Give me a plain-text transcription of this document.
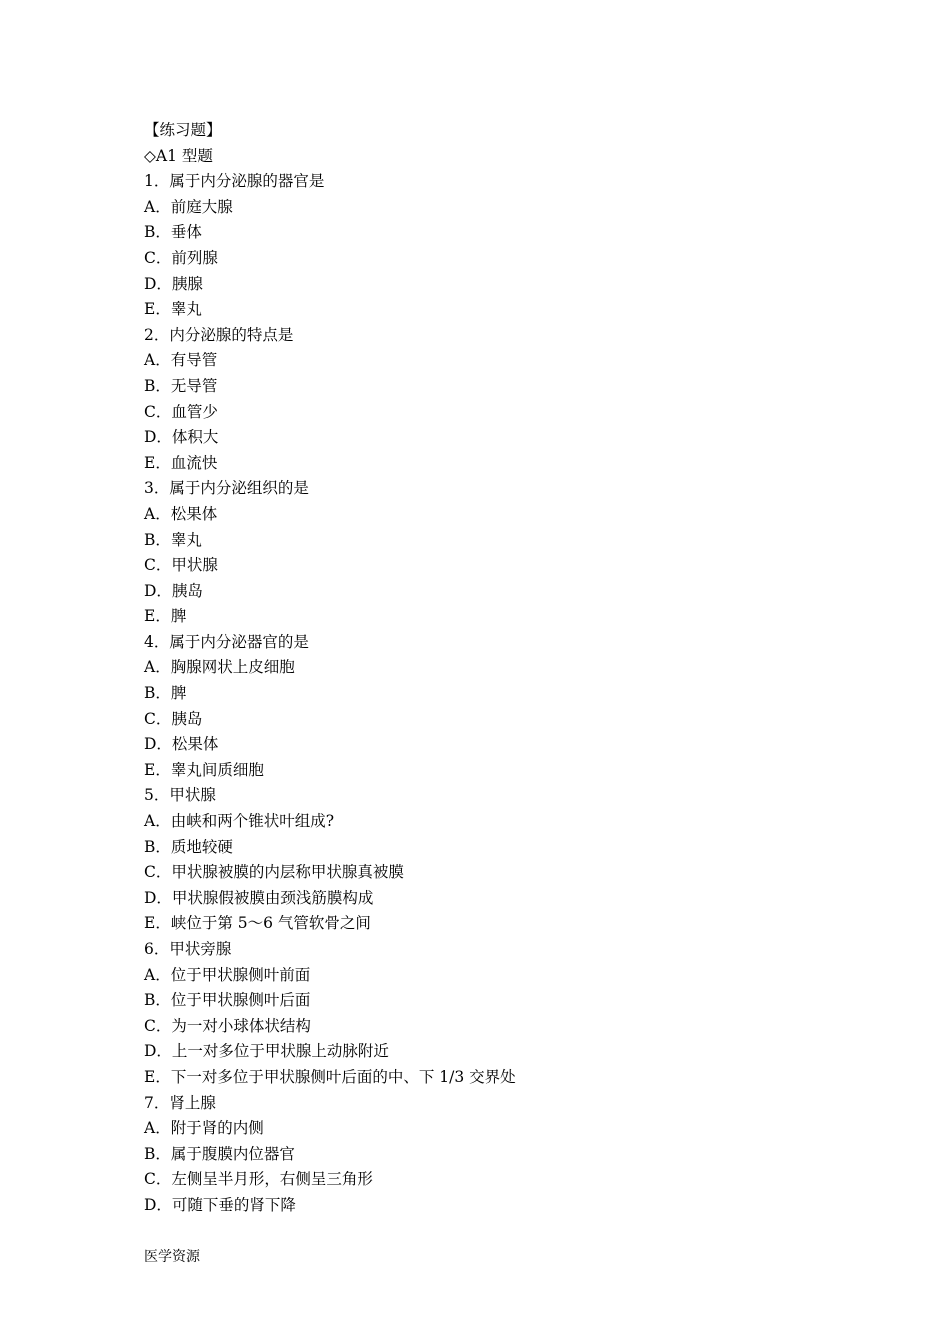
【练习题】
◇A1 型题
1．属于内分泌腺的器官是
A．前庭大腺
B．垂体
C．前列腺
D．胰腺
E．睾丸
2．内分泌腺的特点是
A．有导管
B．无导管
C．血管少
D．体积大
E．血流快
3．属于内分泌组织的是
A．松果体
B．睾丸
C．甲状腺
D．胰岛
E．脾
4．属于内分泌器官的是
A．胸腺网状上皮细胞
B．脾
C．胰岛
D．松果体
E．睾丸间质细胞
5．甲状腺
A．由峡和两个锥状叶组成?
B．质地较硬
C．甲状腺被膜的内层称甲状腺真被膜
D．甲状腺假被膜由颈浅筋膜构成
E．峡位于第 5～6 气管软骨之间
6．甲状旁腺
A．位于甲状腺侧叶前面
B．位于甲状腺侧叶后面
C．为一对小球体状结构
D．上一对多位于甲状腺上动脉附近
E．下一对多位于甲状腺侧叶后面的中、下 1/3 交界处
7．肾上腺
A．附于肾的内侧
B．属于腹膜内位器官
C．左侧呈半月形，右侧呈三角形
D．可随下垂的肾下降
医学资源
